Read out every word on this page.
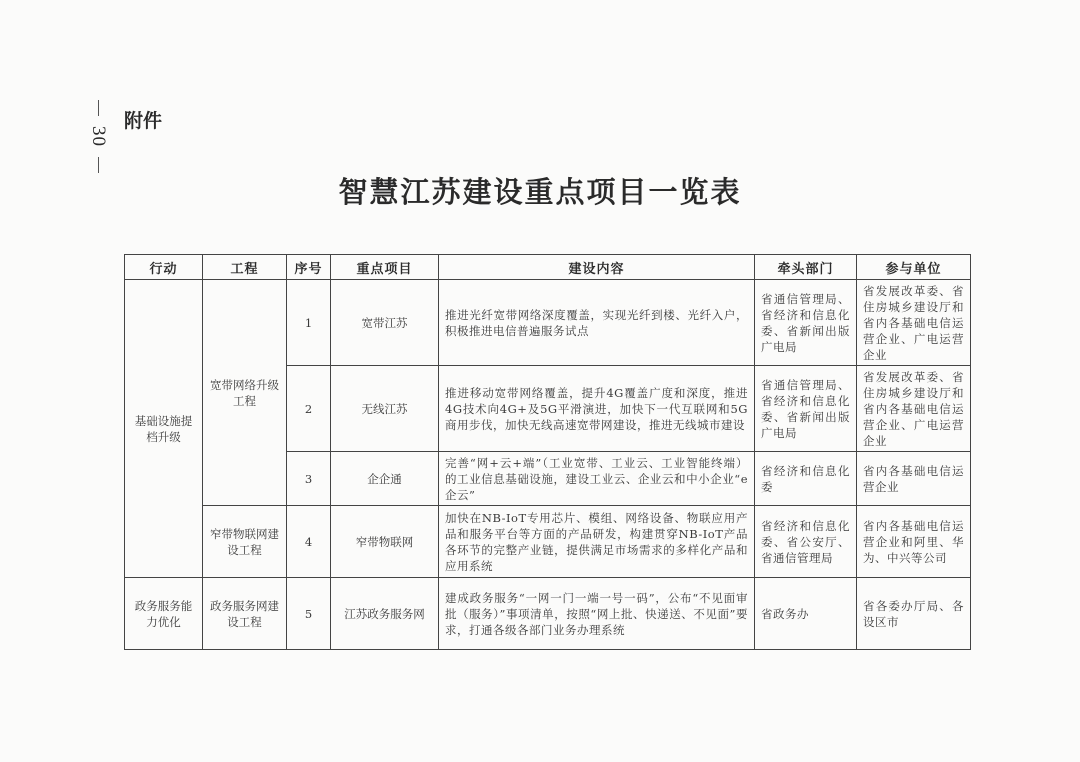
30
附件
智慧江苏建设重点项目一览表
行动	工程	序号	重点项目	建设内容	牵头部门	参与单位
基础设施提档升级	宽带网络升级工程	1	宽带江苏	推进光纤宽带网络深度覆盖，实现光纤到楼、光纤入户，积极推进电信普遍服务试点	省通信管理局、省经济和信息化委、省新闻出版广电局	省发展改革委、省住房城乡建设厅和省内各基础电信运营企业、广电运营企业
		2	无线江苏	推进移动宽带网络覆盖，提升4G覆盖广度和深度，推进4G技术向4G+及5G平滑演进，加快下一代互联网和5G商用步伐，加快无线高速宽带网建设，推进无线城市建设	省通信管理局、省经济和信息化委、省新闻出版广电局	省发展改革委、省住房城乡建设厅和省内各基础电信运营企业、广电运营企业
		3	企企通	完善“网+云+端”（工业宽带、工业云、工业智能终端）的工业信息基础设施，建设工业云、企业云和中小企业“e企云”	省经济和信息化委	省内各基础电信运营企业
	窄带物联网建设工程	4	窄带物联网	加快在NB-IoT专用芯片、模组、网络设备、物联应用产品和服务平台等方面的产品研发，构建贯穿NB-IoT产品各环节的完整产业链，提供满足市场需求的多样化产品和应用系统	省经济和信息化委、省公安厅、省通信管理局	省内各基础电信运营企业和阿里、华为、中兴等公司
政务服务能力优化	政务服务网建设工程	5	江苏政务服务网	建成政务服务“一网一门一端一号一码”，公布“不见面审批（服务）”事项清单，按照“网上批、快递送、不见面”要求，打通各级各部门业务办理系统	省政务办	省各委办厅局、各设区市
